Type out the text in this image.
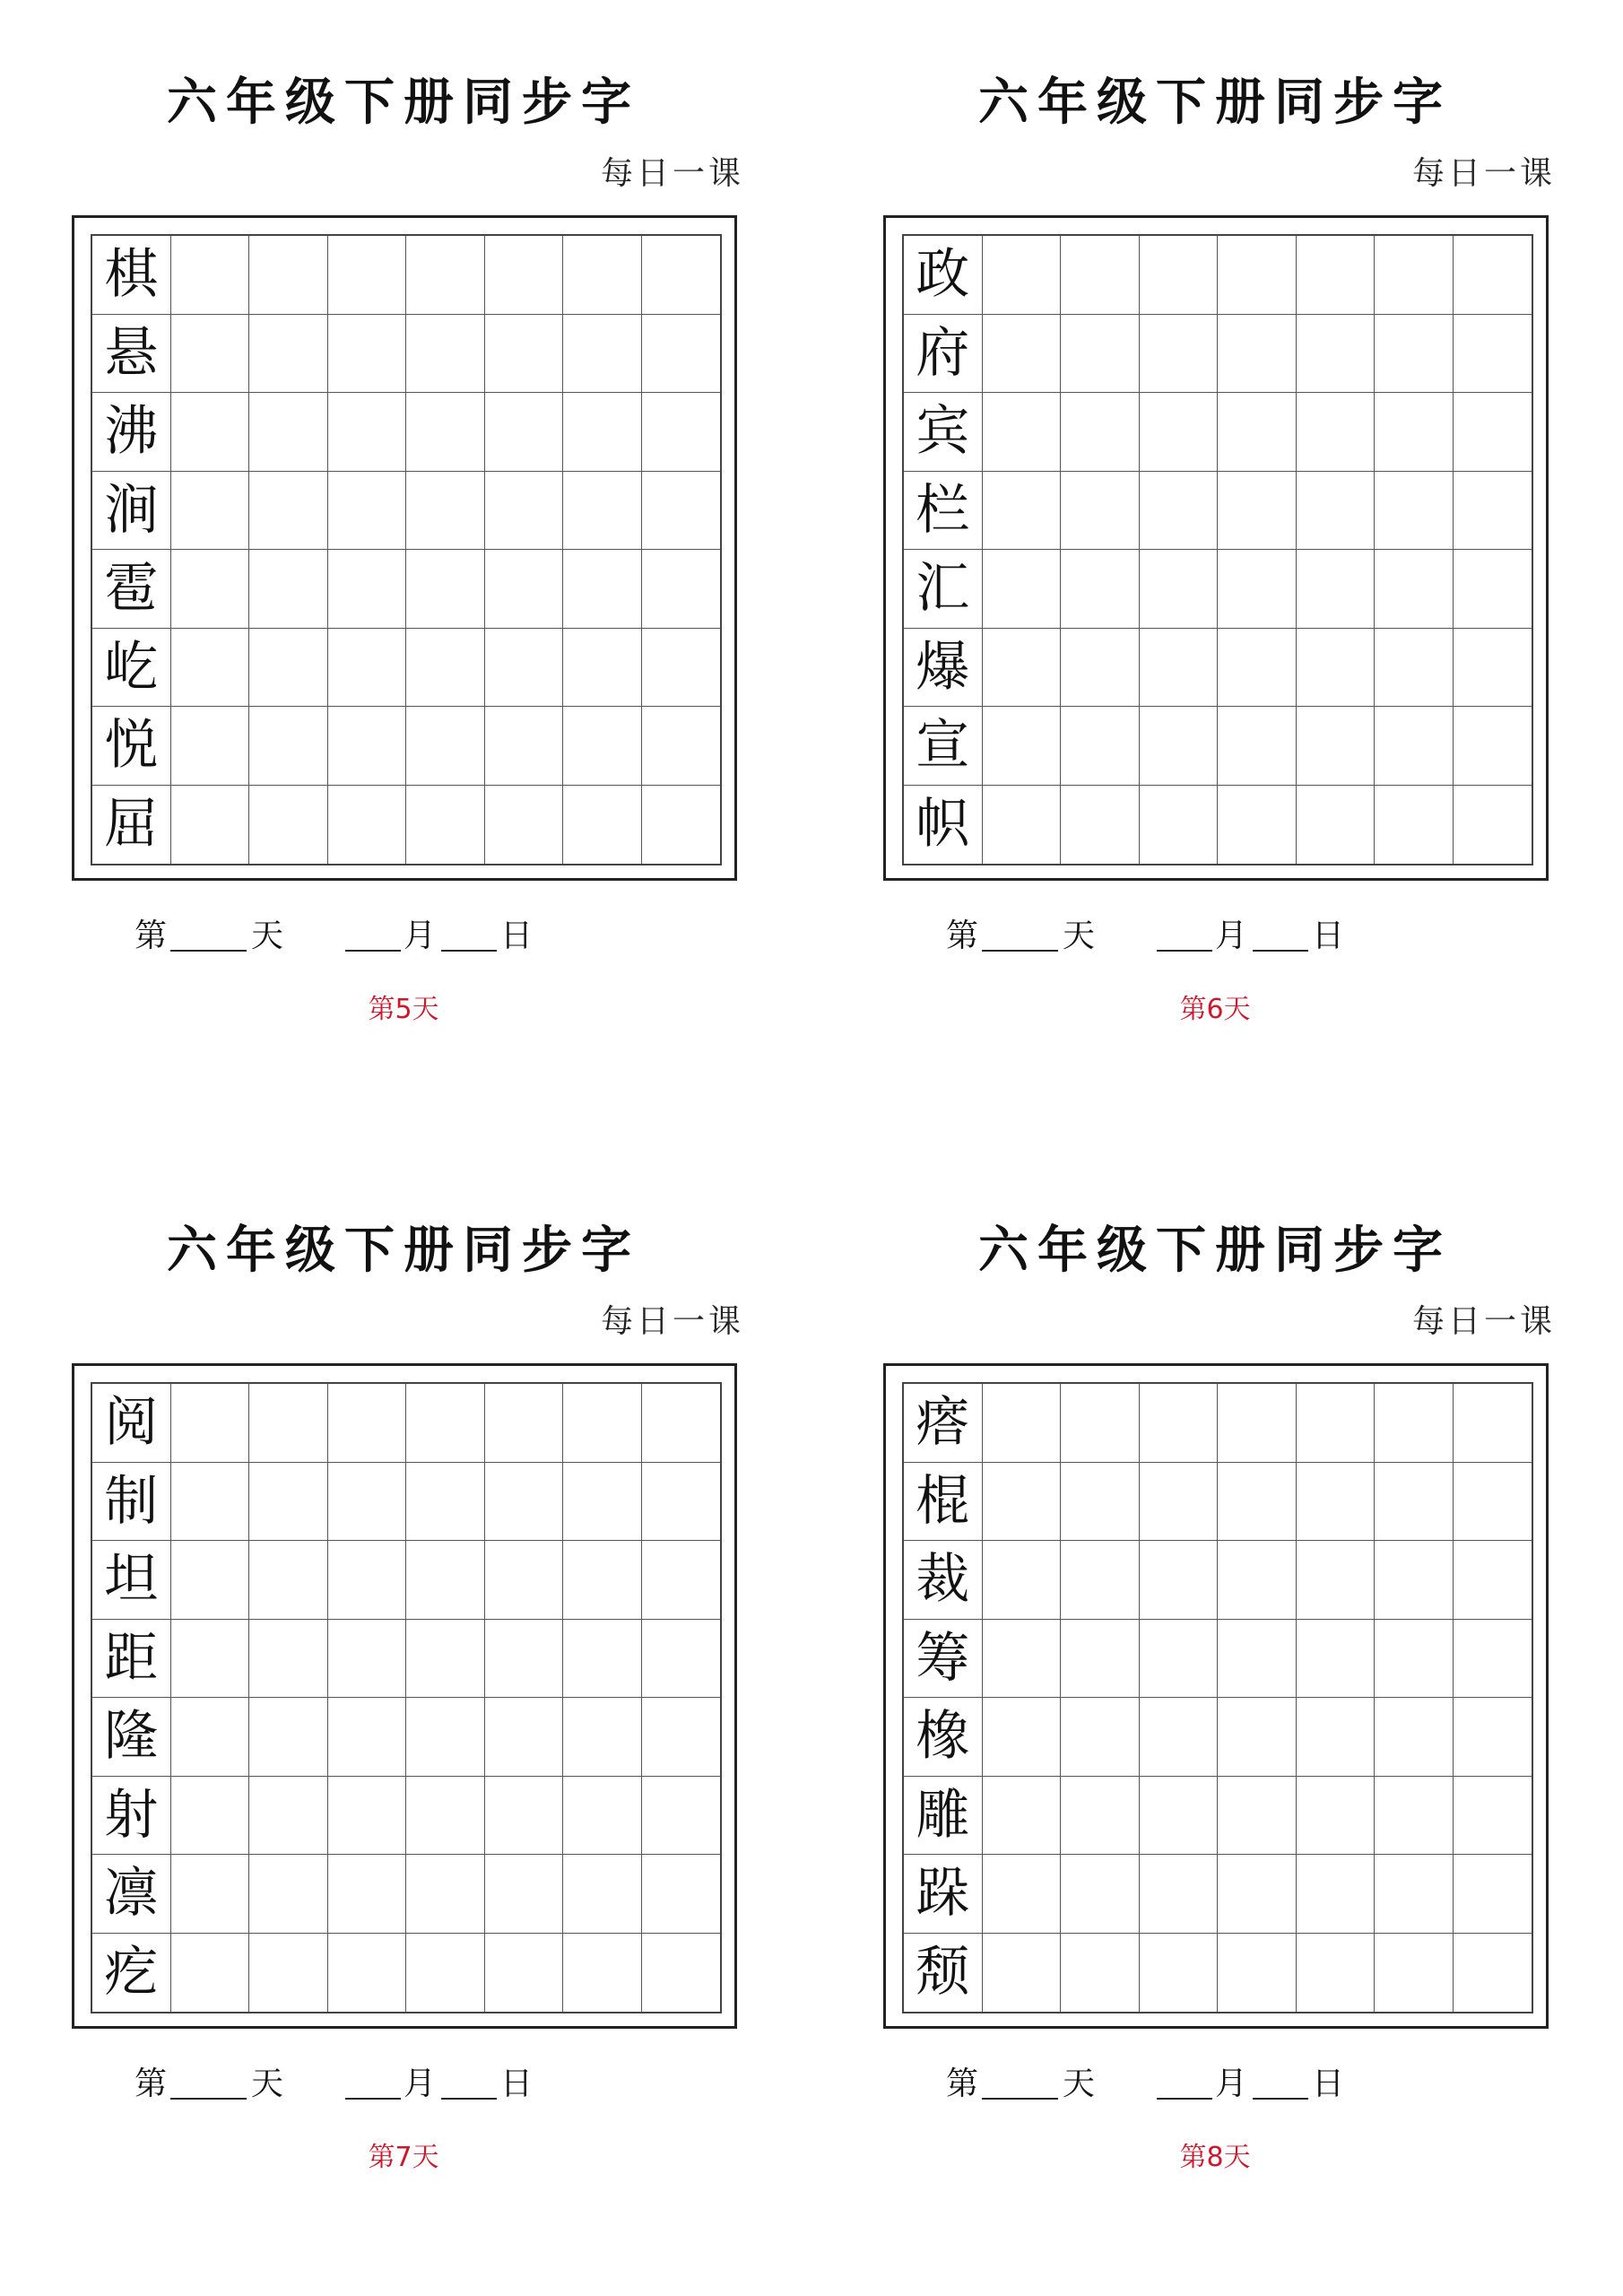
六年级下册同步字
每日一课
棋
悬
沸
涧
雹
屹
悦
屈
第	天	月 日
第5天
六年级下册同步字
每日一课
政
府
宾
栏
汇
爆
宣
帜
第	天	月 日
第6天
六年级下册同步字
每日一课
阅
制
坦
距
隆
射
凛
疙
第	天	月 日
第7天
六年级下册同步字
每日一课
瘩
棍
裁
筹
橡
雕
跺
颓
第	天	月 日
第8天
